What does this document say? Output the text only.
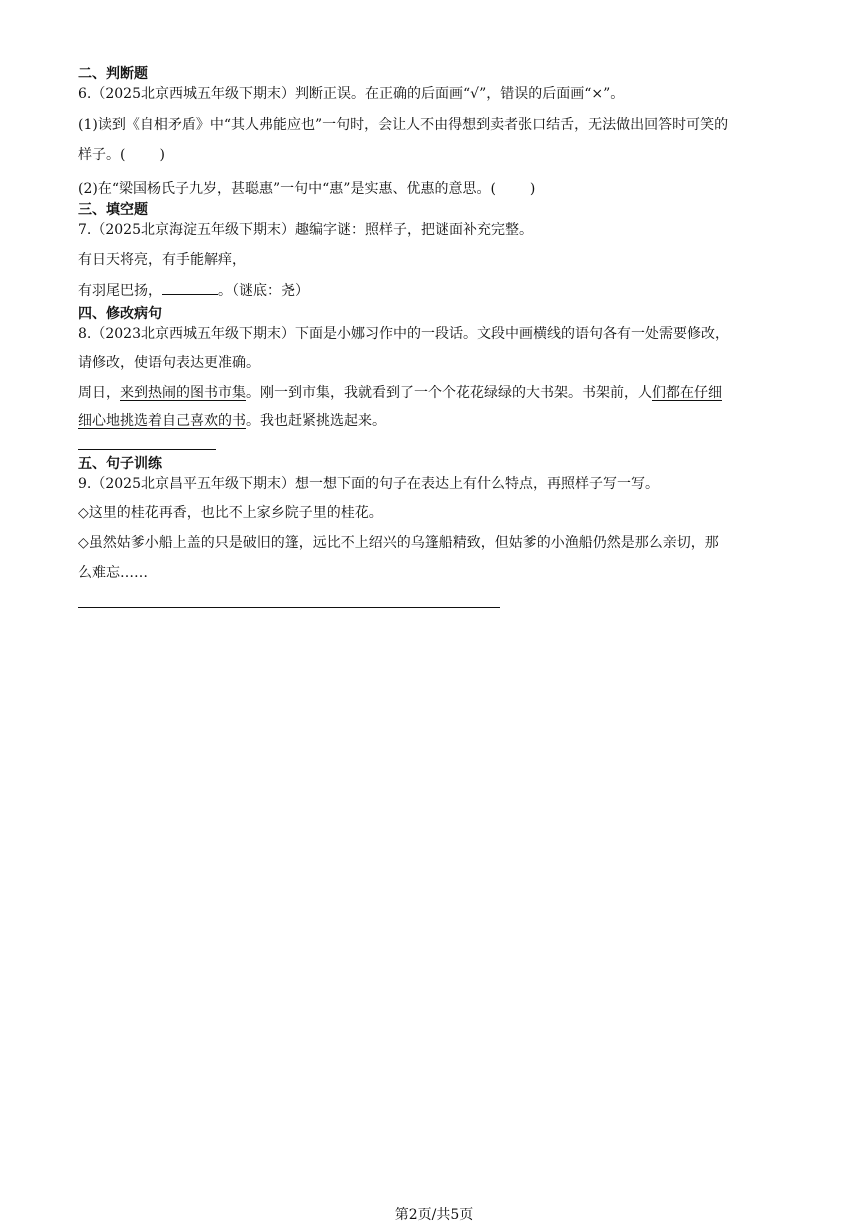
二、判断题

6.（2025北京西城五年级下期末）判断正误。在正确的后面画“√”，错误的后面画“×”。

(1)读到《自相矛盾》中“其人弗能应也”一句时，会让人不由得想到卖者张口结舌，无法做出回答时可笑的

样子。( )

(2)在“梁国杨氏子九岁，甚聪惠”一句中“惠”是实惠、优惠的意思。( )

三、填空题

7.（2025北京海淀五年级下期末）趣编字谜：照样子，把谜面补充完整。

有日天将亮，有手能解痒，

有羽尾巴扬，	。（谜底：尧）

四、修改病句

8.（2023北京西城五年级下期末）下面是小娜习作中的一段话。文段中画横线的语句各有一处需要修改，

请修改，使语句表达更准确。

周日，来到热闹的图书市集。刚一到市集，我就看到了一个个花花绿绿的大书架。书架前，人们都在仔细

细心地挑选着自己喜欢的书。我也赶紧挑选起来。

五、句子训练

9.（2025北京昌平五年级下期末）想一想下面的句子在表达上有什么特点，再照样子写一写。

◇这里的桂花再香，也比不上家乡院子里的桂花。

◇虽然姑爹小船上盖的只是破旧的篷，远比不上绍兴的乌篷船精致，但姑爹的小渔船仍然是那么亲切，那

么难忘……

第2页/共5页
